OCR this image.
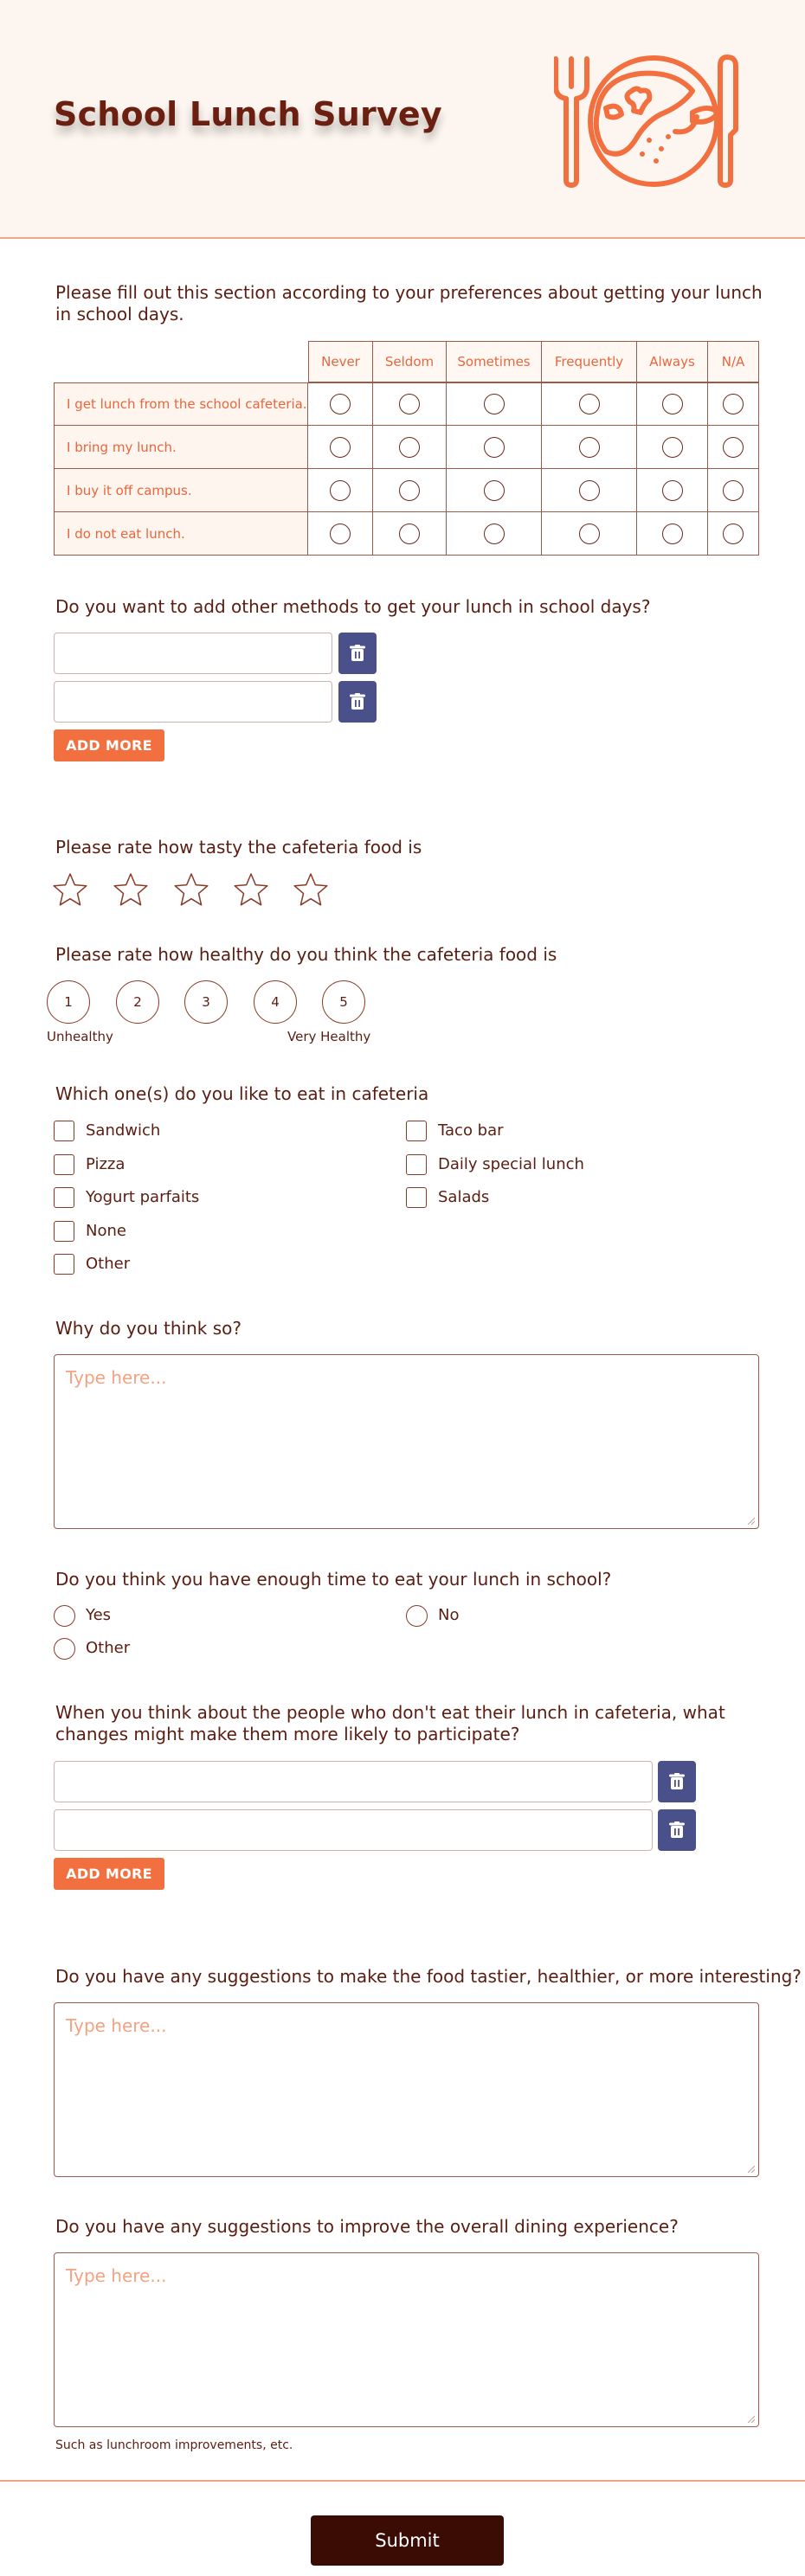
School Lunch Survey
Please fill out this section according to your preferences about getting your lunch in school days.
Never	Seldom	Sometimes	Frequently	Always	N/A
I get lunch from the school cafeteria.
I bring my lunch.
I buy it off campus.
I do not eat lunch.
Do you want to add other methods to get your lunch in school days?
ADD MORE
Please rate how tasty the cafeteria food is
Please rate how healthy do you think the cafeteria food is
1	2	3	4	5
Unhealthy	Very Healthy
Which one(s) do you like to eat in cafeteria
Sandwich
Pizza
Yogurt parfaits
None
Other
Taco bar
Daily special lunch
Salads
Why do you think so?
Type here...
Do you think you have enough time to eat your lunch in school?
Yes	No
Other
When you think about the people who don't eat their lunch in cafeteria, what changes might make them more likely to participate?
ADD MORE
Do you have any suggestions to make the food tastier, healthier, or more interesting?
Type here...
Do you have any suggestions to improve the overall dining experience?
Type here...
Such as lunchroom improvements, etc.
Submit
